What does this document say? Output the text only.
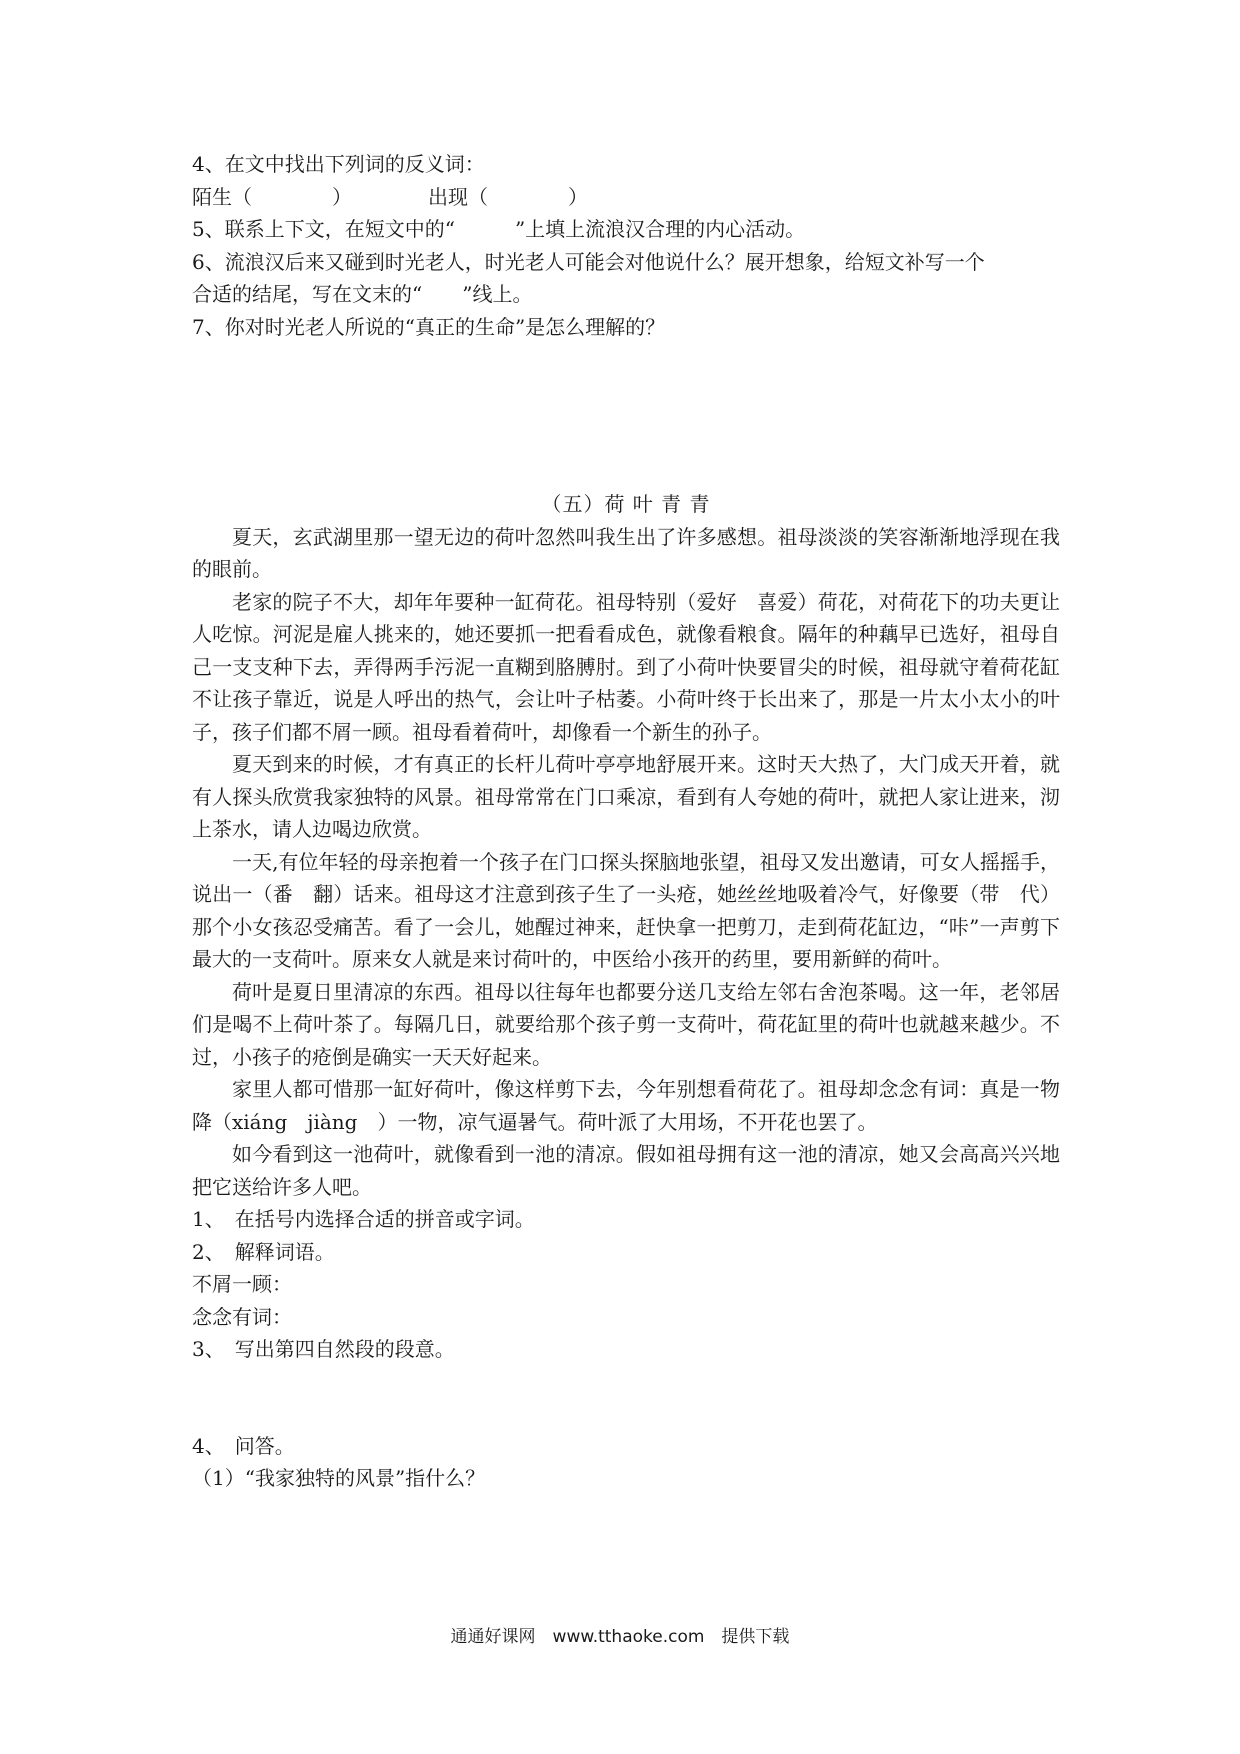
4、在文中找出下列词的反义词：
陌生（　　　　）	出现（　　　　）
5、联系上下文，在短文中的“　　　”上填上流浪汉合理的内心活动。
6、流浪汉后来又碰到时光老人，时光老人可能会对他说什么？展开想象，给短文补写一个
合适的结尾，写在文末的“　　”线上。
7、你对时光老人所说的“真正的生命”是怎么理解的？
（五）荷 叶 青 青
夏天，玄武湖里那一望无边的荷叶忽然叫我生出了许多感想。祖母淡淡的笑容渐渐地浮现在我的眼前。
老家的院子不大，却年年要种一缸荷花。祖母特别（爱好　喜爱）荷花，对荷花下的功夫更让人吃惊。河泥是雇人挑来的，她还要抓一把看看成色，就像看粮食。隔年的种藕早已选好，祖母自己一支支种下去，弄得两手污泥一直糊到胳膊肘。到了小荷叶快要冒尖的时候，祖母就守着荷花缸不让孩子靠近，说是人呼出的热气，会让叶子枯萎。小荷叶终于长出来了，那是一片太小太小的叶子，孩子们都不屑一顾。祖母看着荷叶，却像看一个新生的孙子。
夏天到来的时候，才有真正的长杆儿荷叶亭亭地舒展开来。这时天大热了，大门成天开着，就有人探头欣赏我家独特的风景。祖母常常在门口乘凉，看到有人夸她的荷叶，就把人家让进来，沏上茶水，请人边喝边欣赏。
一天,有位年轻的母亲抱着一个孩子在门口探头探脑地张望，祖母又发出邀请，可女人摇摇手，说出一（番　翻）话来。祖母这才注意到孩子生了一头疮，她丝丝地吸着冷气，好像要（带　代）那个小女孩忍受痛苦。看了一会儿，她醒过神来，赶快拿一把剪刀，走到荷花缸边，“咔”一声剪下最大的一支荷叶。原来女人就是来讨荷叶的，中医给小孩开的药里，要用新鲜的荷叶。
荷叶是夏日里清凉的东西。祖母以往每年也都要分送几支给左邻右舍泡茶喝。这一年，老邻居们是喝不上荷叶茶了。每隔几日，就要给那个孩子剪一支荷叶，荷花缸里的荷叶也就越来越少。不过，小孩子的疮倒是确实一天天好起来。
家里人都可惜那一缸好荷叶，像这样剪下去，今年别想看荷花了。祖母却念念有词：真是一物降（xiáng　jiàng　）一物，凉气逼暑气。荷叶派了大用场，不开花也罢了。
如今看到这一池荷叶，就像看到一池的清凉。假如祖母拥有这一池的清凉，她又会高高兴兴地把它送给许多人吧。
1、　在括号内选择合适的拼音或字词。
2、　解释词语。
不屑一顾：
念念有词：
3、　写出第四自然段的段意。
4、　问答。
（1）“我家独特的风景”指什么？
通通好课网　www.tthaoke.com　提供下载
